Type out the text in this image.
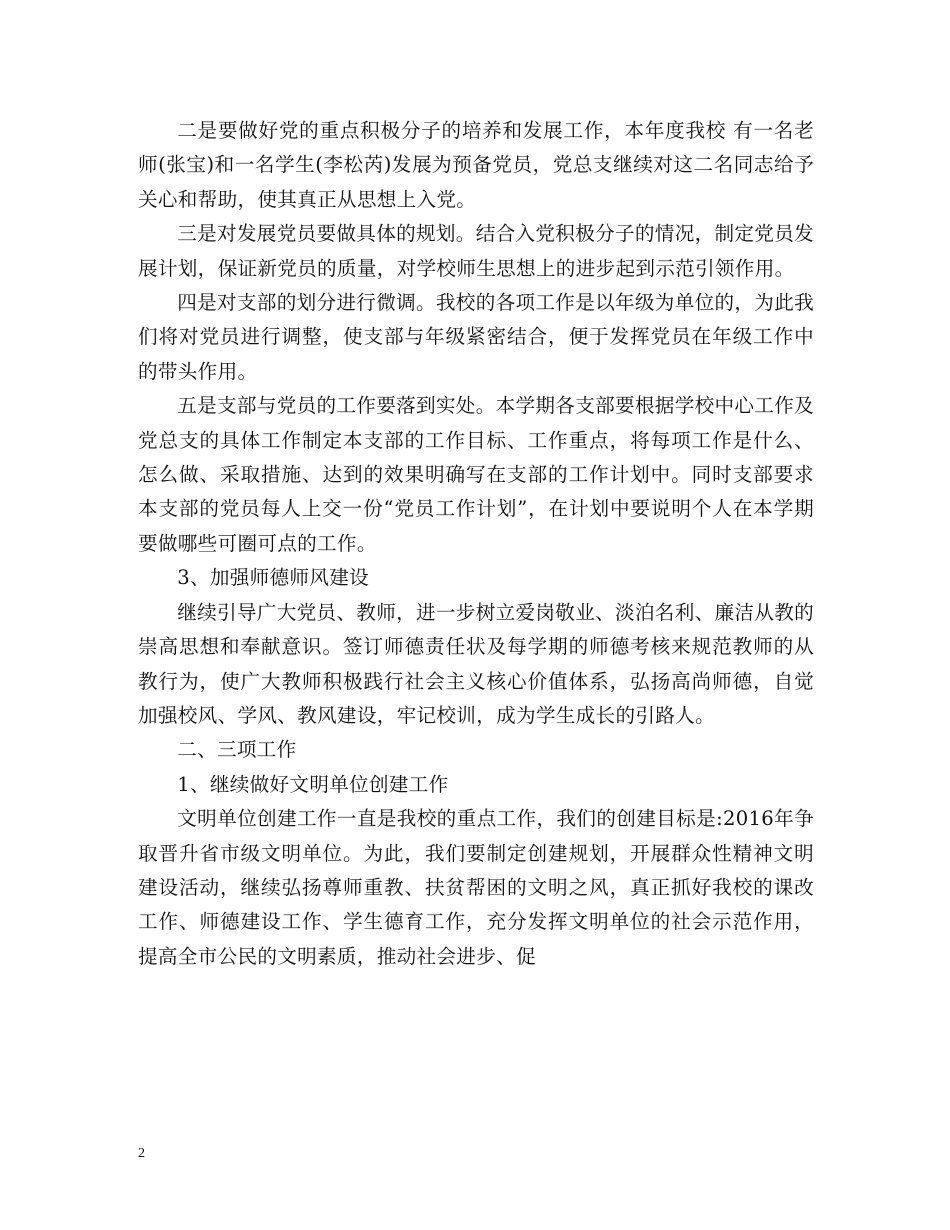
二是要做好党的重点积极分子的培养和发展工作，本年度我校 有一名老师(张宝)和一名学生(李松芮)发展为预备党员，党总支继续对这二名同志给予关心和帮助，使其真正从思想上入党。

三是对发展党员要做具体的规划。结合入党积极分子的情况，制定党员发展计划，保证新党员的质量，对学校师生思想上的进步起到示范引领作用。

四是对支部的划分进行微调。我校的各项工作是以年级为单位的，为此我们将对党员进行调整，使支部与年级紧密结合，便于发挥党员在年级工作中的带头作用。

五是支部与党员的工作要落到实处。本学期各支部要根据学校中心工作及党总支的具体工作制定本支部的工作目标、工作重点，将每项工作是什么、怎么做、采取措施、达到的效果明确写在支部的工作计划中。同时支部要求本支部的党员每人上交一份“党员工作计划”，在计划中要说明个人在本学期要做哪些可圈可点的工作。

3、加强师德师风建设

继续引导广大党员、教师，进一步树立爱岗敬业、淡泊名利、廉洁从教的崇高思想和奉献意识。签订师德责任状及每学期的师德考核来规范教师的从教行为，使广大教师积极践行社会主义核心价值体系，弘扬高尚师德，自觉加强校风、学风、教风建设，牢记校训，成为学生成长的引路人。

二、三项工作

1、继续做好文明单位创建工作

文明单位创建工作一直是我校的重点工作，我们的创建目标是:2016年争取晋升省市级文明单位。为此，我们要制定创建规划，开展群众性精神文明建设活动，继续弘扬尊师重教、扶贫帮困的文明之风，真正抓好我校的课改工作、师德建设工作、学生德育工作，充分发挥文明单位的社会示范作用，提高全市公民的文明素质，推动社会进步、促

2
